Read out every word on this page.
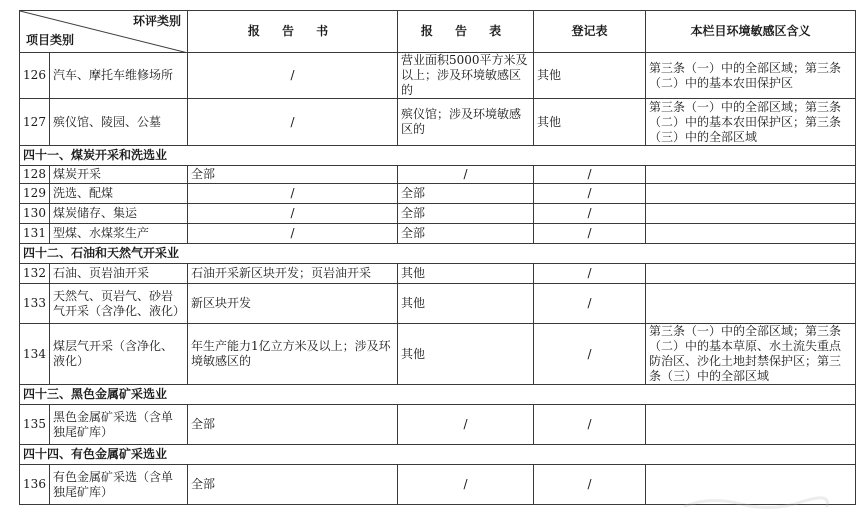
环评类别
项目类别		报 告 书	报 告 表	登记表	本栏目环境敏感区含义
126	汽车、摩托车维修场所	/	营业面积5000平方米及以上；涉及环境敏感区的	其他	第三条（一）中的全部区域；第三条（二）中的基本农田保护区
127	殡仪馆、陵园、公墓	/	殡仪馆；涉及环境敏感区的	其他	第三条（一）中的全部区域；第三条（二）中的基本农田保护区；第三条（三）中的全部区域
四十一、煤炭开采和洗选业					
128	煤炭开采	全部	/	/	
129	洗选、配煤	/	全部	/	
130	煤炭储存、集运	/	全部	/	
131	型煤、水煤浆生产	/	全部	/	
四十二、石油和天然气开采业					
132	石油、页岩油开采	石油开采新区块开发；页岩油开采	其他	/	
133	天然气、页岩气、砂岩气开采（含净化、液化）	新区块开发	其他	/	
134	煤层气开采（含净化、液化）	年生产能力1亿立方米及以上；涉及环境敏感区的	其他	/	第三条（一）中的全部区域；第三条（二）中的基本草原、水土流失重点防治区、沙化土地封禁保护区；第三条（三）中的全部区域
四十三、黑色金属矿采选业					
135	黑色金属矿采选（含单独尾矿库）	全部	/	/	
四十四、有色金属矿采选业					
136	有色金属矿采选（含单独尾矿库）	全部	/	/	
